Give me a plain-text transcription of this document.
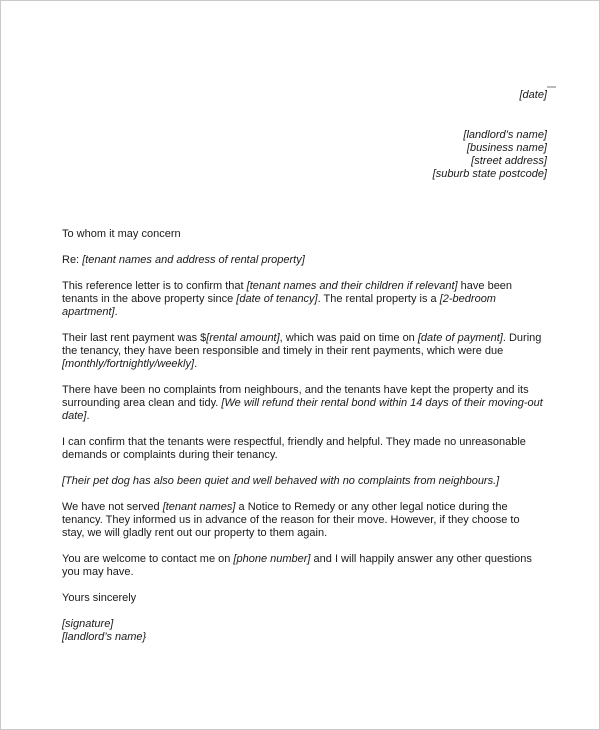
[date]
[landlord’s name]
[business name]
[street address]
[suburb state postcode]
To whom it may concern
Re: [tenant names and address of rental property]
This reference letter is to confirm that [tenant names and their children if relevant] have been
tenants in the above property since [date of tenancy]. The rental property is a [2-bedroom
apartment].
Their last rent payment was $[rental amount], which was paid on time on [date of payment]. During
the tenancy, they have been responsible and timely in their rent payments, which were due
[monthly/fortnightly/weekly].
There have been no complaints from neighbours, and the tenants have kept the property and its
surrounding area clean and tidy. [We will refund their rental bond within 14 days of their moving-out
date].
I can confirm that the tenants were respectful, friendly and helpful. They made no unreasonable
demands or complaints during their tenancy.
[Their pet dog has also been quiet and well behaved with no complaints from neighbours.]
We have not served [tenant names] a Notice to Remedy or any other legal notice during the
tenancy. They informed us in advance of the reason for their move. However, if they choose to
stay, we will gladly rent out our property to them again.
You are welcome to contact me on [phone number] and I will happily answer any other questions
you may have.
Yours sincerely
[signature]
[landlord’s name}
